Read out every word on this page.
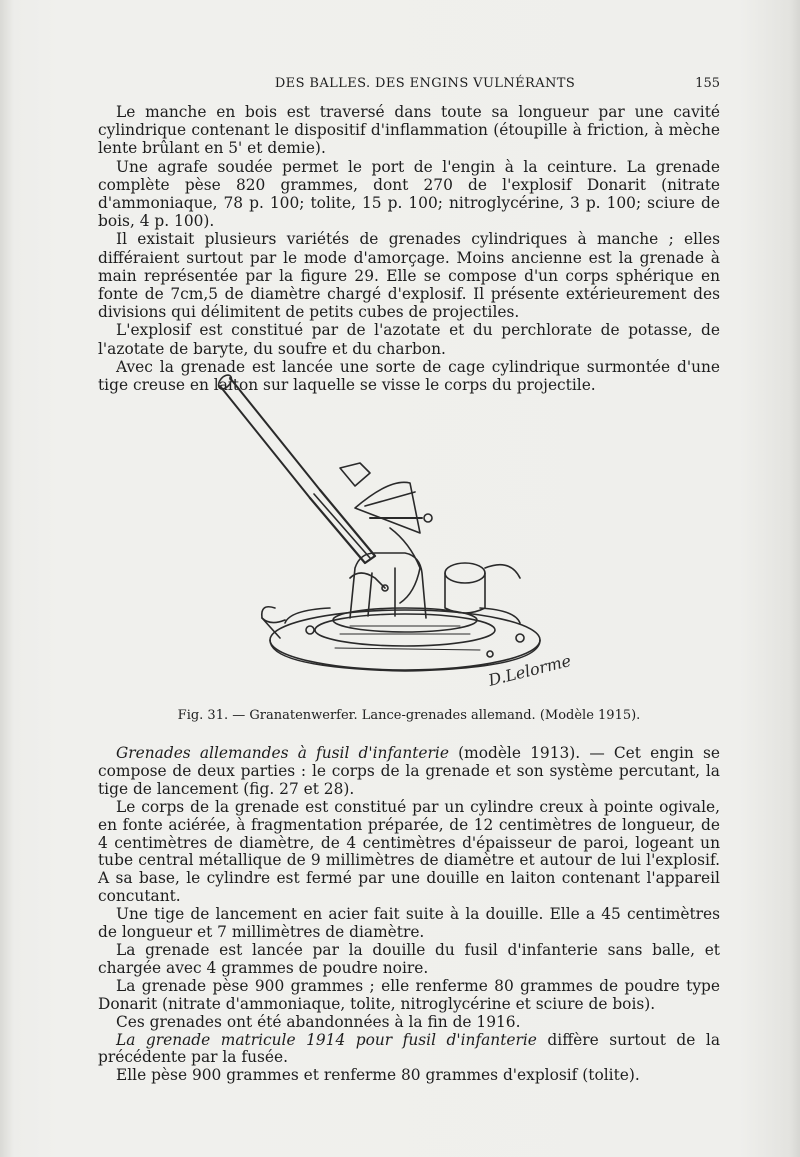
DES BALLES. DES ENGINS VULNÉRANTS	155

Le manche en bois est traversé dans toute sa longueur par une cavité cylindrique contenant le dispositif d'inflammation (étoupille à friction, à mèche lente brûlant en 5' et demie).

Une agrafe soudée permet le port de l'engin à la ceinture. La grenade complète pèse 820 grammes, dont 270 de l'explosif Donarit (nitrate d'ammoniaque, 78 p. 100; tolite, 15 p. 100; nitroglycérine, 3 p. 100; sciure de bois, 4 p. 100).

Il existait plusieurs variétés de grenades cylindriques à manche ; elles différaient surtout par le mode d'amorçage. Moins ancienne est la grenade à main représentée par la figure 29. Elle se compose d'un corps sphérique en fonte de 7cm,5 de diamètre chargé d'explosif. Il présente extérieurement des divisions qui délimitent de petits cubes de projectiles.

L'explosif est constitué par de l'azotate et du perchlorate de potasse, de l'azotate de baryte, du soufre et du charbon.

Avec la grenade est lancée une sorte de cage cylindrique surmontée d'une tige creuse en laiton sur laquelle se visse le corps du projectile.

D.Lelorme
Fig. 31. — Granatenwerfer. Lance-grenades allemand. (Modèle 1915).

Grenades allemandes à fusil d'infanterie (modèle 1913). — Cet engin se compose de deux parties : le corps de la grenade et son système percutant, la tige de lancement (fig. 27 et 28).

Le corps de la grenade est constitué par un cylindre creux à pointe ogivale, en fonte aciérée, à fragmentation préparée, de 12 centimètres de longueur, de 4 centimètres de diamètre, de 4 centimètres d'épaisseur de paroi, logeant un tube central métallique de 9 millimètres de diamètre et autour de lui l'explosif. A sa base, le cylindre est fermé par une douille en laiton contenant l'appareil concutant.

Une tige de lancement en acier fait suite à la douille. Elle a 45 centimètres de longueur et 7 millimètres de diamètre.

La grenade est lancée par la douille du fusil d'infanterie sans balle, et chargée avec 4 grammes de poudre noire.

La grenade pèse 900 grammes ; elle renferme 80 grammes de poudre type Donarit (nitrate d'ammoniaque, tolite, nitroglycérine et sciure de bois).

Ces grenades ont été abandonnées à la fin de 1916.

La grenade matricule 1914 pour fusil d'infanterie diffère surtout de la précédente par la fusée.

Elle pèse 900 grammes et renferme 80 grammes d'explosif (tolite).
